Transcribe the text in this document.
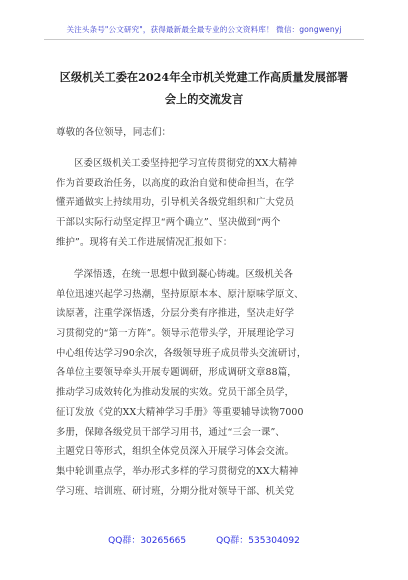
关注头条号"公文研究"，获得最新最全最专业的公文资料库！ 微信：gongwenyj
区级机关工委在2024年全市机关党建工作高质量发展部署
会上的交流发言
尊敬的各位领导，同志们：
区委区级机关工委坚持把学习宣传贯彻党的XX大精神
作为首要政治任务，以高度的政治自觉和使命担当，在学
懂弄通做实上持续用功，引导机关各级党组织和广大党员
干部以实际行动坚定捍卫“两个确立”、坚决做到“两个
维护”。现将有关工作进展情况汇报如下：
学深悟透，在统一思想中做到凝心铸魂。区级机关各
单位迅速兴起学习热潮，坚持原原本本、原汁原味学原文、
读原著，注重学深悟透，分层分类有序推进，坚决走好学
习贯彻党的“第一方阵”。领导示范带头学，开展理论学习
中心组传达学习90余次，各级领导班子成员带头交流研讨，
各单位主要领导牵头开展专题调研，形成调研文章88篇，
推动学习成效转化为推动发展的实效。党员干部全员学，
征订发放《党的XX大精神学习手册》等重要辅导读物7000
多册，保障各级党员干部学习用书，通过“三会一课”、
主题党日等形式，组织全体党员深入开展学习体会交流。
集中轮训重点学，举办形式多样的学习贯彻党的XX大精神
学习班、培训班、研讨班，分期分批对领导干部、机关党
QQ群：30265665	QQ群：535304092
